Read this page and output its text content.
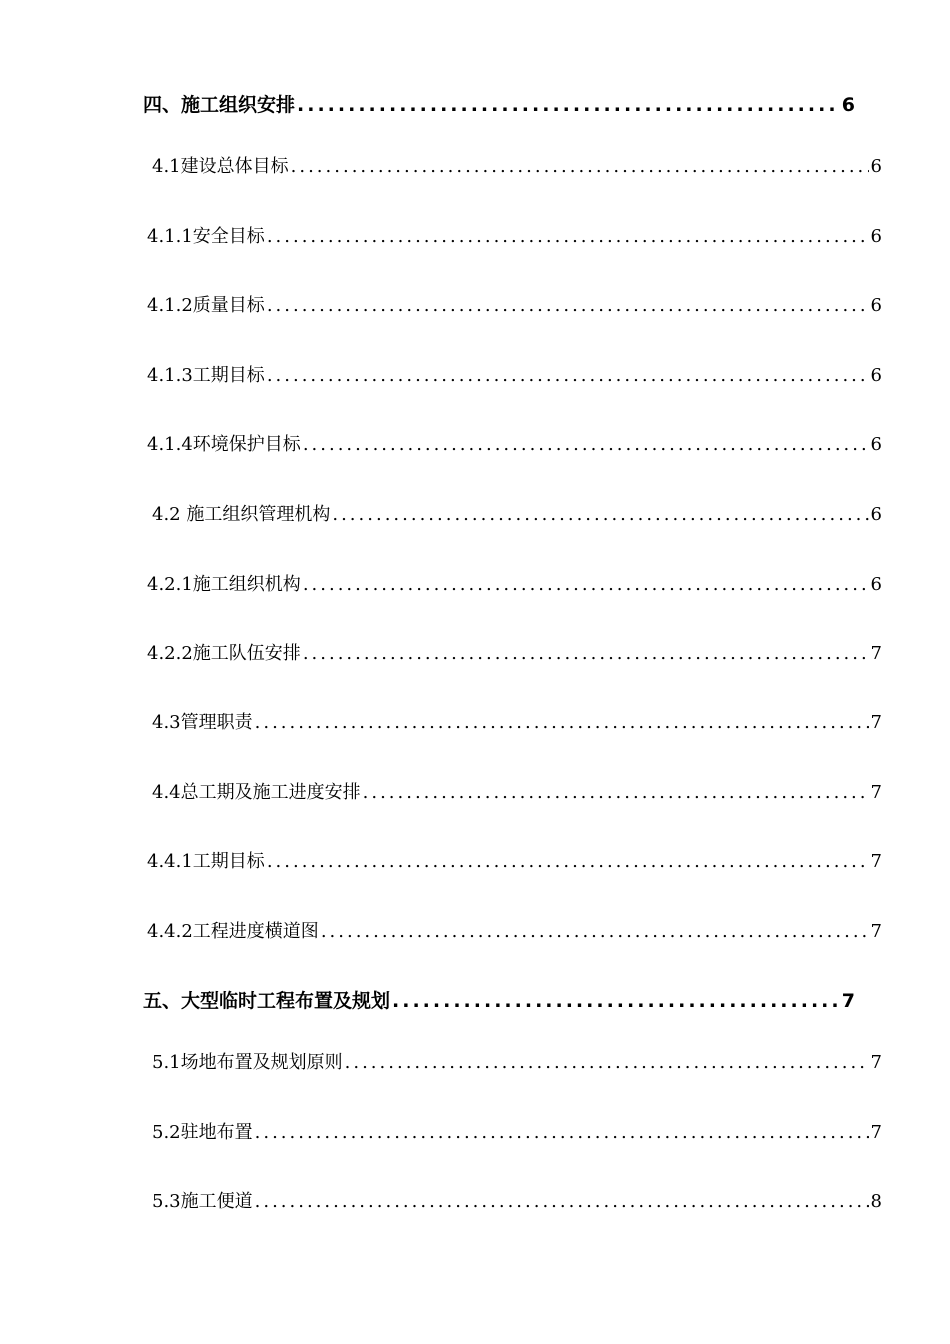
四、施工组织安排 .....	6
4.1建设总体目标 .....	6
4.1.1安全目标 .....	6
4.1.2质量目标 .....	6
4.1.3工期目标 .....	6
4.1.4环境保护目标 .....	6
4.2 施工组织管理机构 .....	6
4.2.1施工组织机构 .....	6
4.2.2施工队伍安排 .....	7
4.3管理职责 .....	7
4.4总工期及施工进度安排 .....	7
4.4.1工期目标 .....	7
4.4.2工程进度横道图 .....	7
五、大型临时工程布置及规划 .....	7
5.1场地布置及规划原则 .....	7
5.2驻地布置 .....	7
5.3施工便道 .....	8
